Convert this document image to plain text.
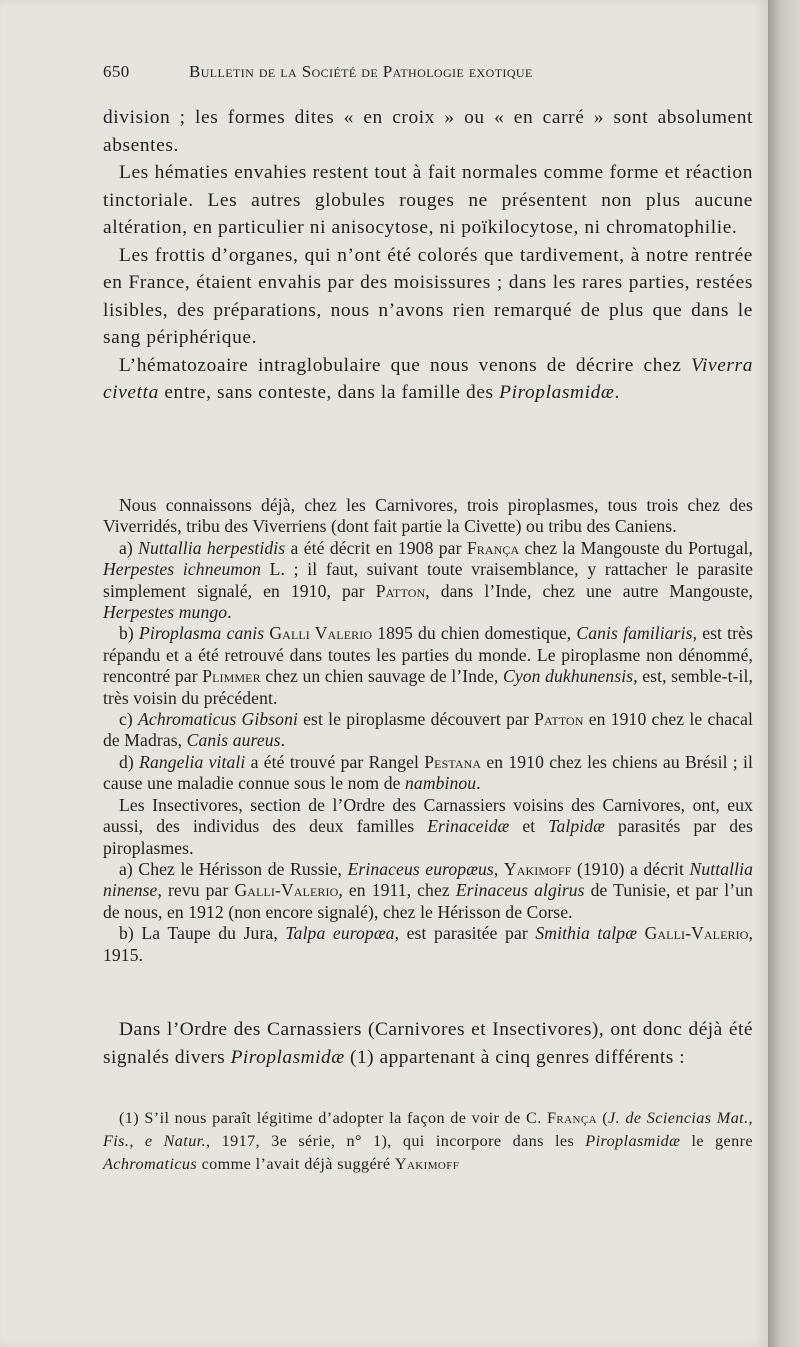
650	Bulletin de la Société de Pathologie exotique

division ; les formes dites « en croix » ou « en carré » sont absolument absentes.

Les hématies envahies restent tout à fait normales comme forme et réaction tinctoriale. Les autres globules rouges ne présentent non plus aucune altération, en particulier ni anisocytose, ni poïkilocytose, ni chromatophilie.

Les frottis d’organes, qui n’ont été colorés que tardivement, à notre rentrée en France, étaient envahis par des moisissures ; dans les rares parties, restées lisibles, des préparations, nous n’avons rien remarqué de plus que dans le sang périphérique.

L’hématozoaire intraglobulaire que nous venons de décrire chez Viverra civetta entre, sans conteste, dans la famille des Piroplasmidæ.

Nous connaissons déjà, chez les Carnivores, trois piroplasmes, tous trois chez des Viverridés, tribu des Viverriens (dont fait partie la Civette) ou tribu des Caniens.

a) Nuttallia herpestidis a été décrit en 1908 par França chez la Mangouste du Portugal, Herpestes ichneumon L. ; il faut, suivant toute vraisemblance, y rattacher le parasite simplement signalé, en 1910, par Patton, dans l’Inde, chez une autre Mangouste, Herpestes mungo.

b) Piroplasma canis Galli Valerio 1895 du chien domestique, Canis familiaris, est très répandu et a été retrouvé dans toutes les parties du monde. Le piroplasme non dénommé, rencontré par Plimmer chez un chien sauvage de l’Inde, Cyon dukhunensis, est, semble-t-il, très voisin du précédent.

c) Achromaticus Gibsoni est le piroplasme découvert par Patton en 1910 chez le chacal de Madras, Canis aureus.

d) Rangelia vitali a été trouvé par Rangel Pestana en 1910 chez les chiens au Brésil ; il cause une maladie connue sous le nom de nambinou.

Les Insectivores, section de l’Ordre des Carnassiers voisins des Carnivores, ont, eux aussi, des individus des deux familles Erinaceidæ et Talpidæ parasités par des piroplasmes.

a) Chez le Hérisson de Russie, Erinaceus europæus, Yakimoff (1910) a décrit Nuttallia ninense, revu par Galli-Valerio, en 1911, chez Erinaceus algirus de Tunisie, et par l’un de nous, en 1912 (non encore signalé), chez le Hérisson de Corse.

b) La Taupe du Jura, Talpa europæa, est parasitée par Smithia talpæ Galli-Valerio, 1915.

Dans l’Ordre des Carnassiers (Carnivores et Insectivores), ont donc déjà été signalés divers Piroplasmidæ (1) appartenant à cinq genres différents :

(1) S’il nous paraît légitime d’adopter la façon de voir de C. França (J. de Sciencias Mat., Fis., e Natur., 1917, 3e série, n° 1), qui incorpore dans les Piroplasmidæ le genre Achromaticus comme l’avait déjà suggéré Yakimoff
